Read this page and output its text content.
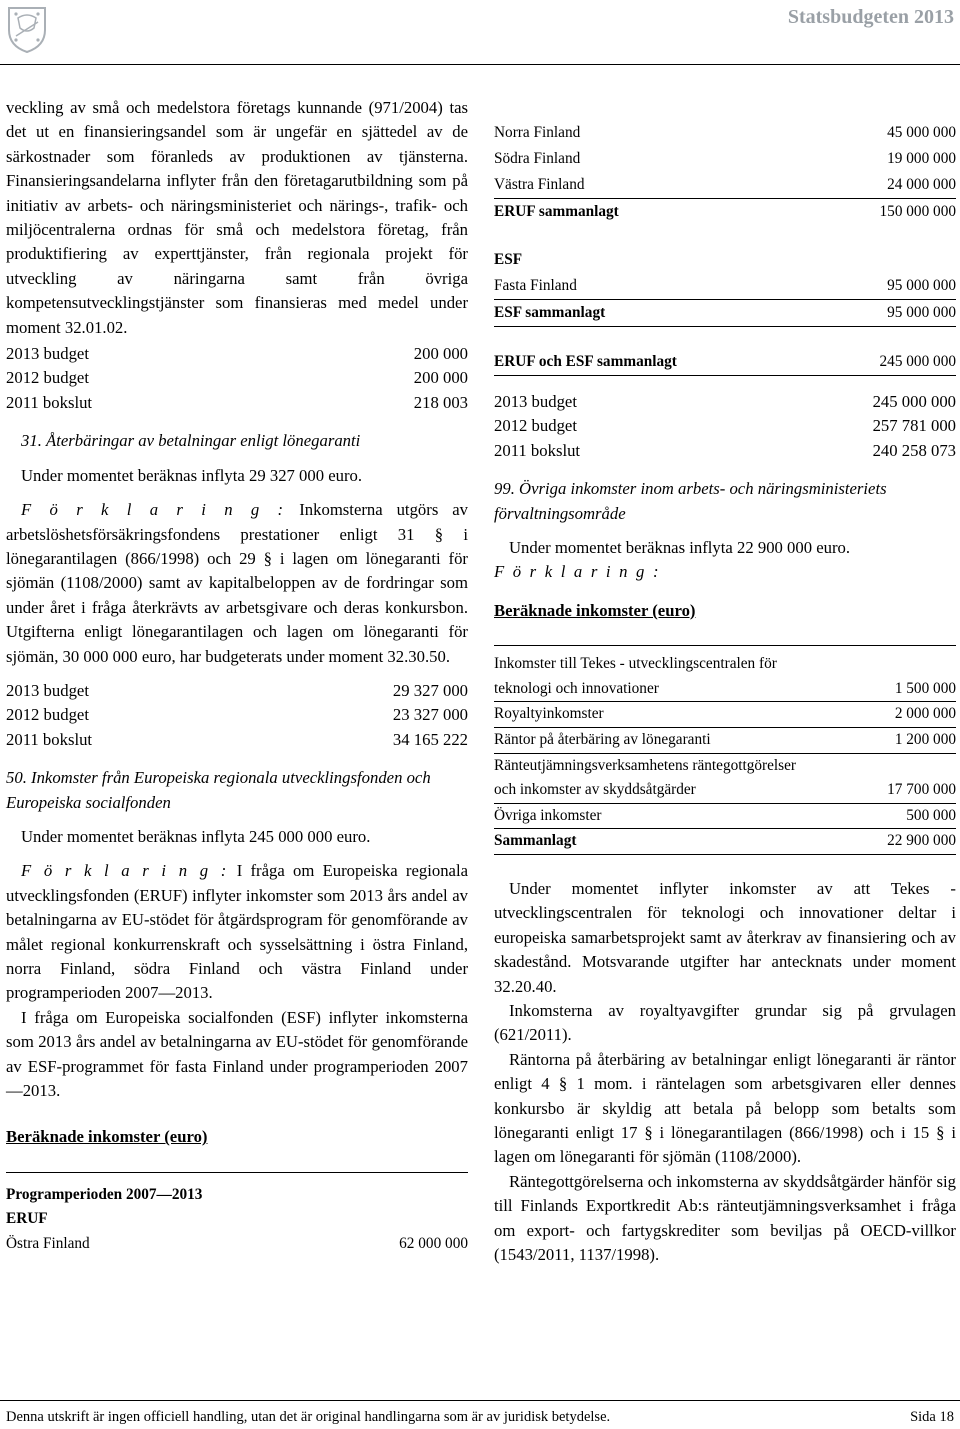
Statsbudgeten 2013

veckling av små och medelstora företags kunnande (971/2004) tas det ut en finansieringsandel som är ungefär en sjättedel av de särkostnader som föranleds av produktionen av tjänsterna. Finansieringsandelarna inflyter från den företagarutbildning som på initiativ av arbets- och näringsministeriet och närings-, trafik- och miljöcentralerna ordnas för små och medelstora företag, från produktifiering av experttjänster, från regionala projekt för utveckling av näringarna samt från övriga kompetensutvecklingstjänster som finansieras med medel under moment 32.01.02.

2013 budget	200 000
2012 budget	200 000
2011 bokslut	218 003

31. Återbäringar av betalningar enligt lönegaranti

Under momentet beräknas inflyta 29 327 000 euro.

F ö r k l a r i n g : Inkomsterna utgörs av arbetslöshetsförsäkringsfondens prestationer enligt 31 § i lönegarantilagen (866/1998) och 29 § i lagen om lönegaranti för sjömän (1108/2000) samt av kapitalbeloppen av de fordringar som under året i fråga återkrävts av arbetsgivare och deras konkursbon. Utgifterna enligt lönegarantilagen och lagen om lönegaranti för sjömän, 30 000 000 euro, har budgeterats under moment 32.30.50.

2013 budget	29 327 000
2012 budget	23 327 000
2011 bokslut	34 165 222

50. Inkomster från Europeiska regionala utvecklingsfonden och Europeiska socialfonden

Under momentet beräknas inflyta 245 000 000 euro.

F ö r k l a r i n g : I fråga om Europeiska regionala utvecklingsfonden (ERUF) inflyter inkomster som 2013 års andel av betalningarna av EU-stödet för åtgärdsprogram för genomförande av målet regional konkurrenskraft och sysselsättning i östra Finland, norra Finland, södra Finland och västra Finland under programperioden 2007—2013.

I fråga om Europeiska socialfonden (ESF) inflyter inkomsterna som 2013 års andel av betalningarna av EU-stödet för genomförande av ESF-programmet för fasta Finland under programperioden 2007—2013.

Beräknade inkomster (euro)

Programperioden 2007—2013

ERUF

Östra Finland	62 000 000
Norra Finland	45 000 000
Södra Finland	19 000 000
Västra Finland	24 000 000
ERUF sammanlagt	150 000 000

ESF

Fasta Finland	95 000 000
ESF sammanlagt	95 000 000
ERUF och ESF sammanlagt	245 000 000
2013 budget	245 000 000
2012 budget	257 781 000
2011 bokslut	240 258 073

99. Övriga inkomster inom arbets- och näringsministeriets förvaltningsområde

Under momentet beräknas inflyta 22 900 000 euro.

F ö r k l a r i n g :

Beräknade inkomster (euro)

Inkomster till Tekes - utvecklingscentralen för

teknologi och innovationer	1 500 000
Royaltyinkomster	2 000 000
Räntor på återbäring av lönegaranti	1 200 000

Ränteutjämningsverksamhetens räntegottgörelser

och inkomster av skyddsåtgärder	17 700 000
Övriga inkomster	500 000
Sammanlagt	22 900 000

Under momentet inflyter inkomster av att Tekes - utvecklingscentralen för teknologi och innovationer deltar i europeiska samarbetsprojekt samt av återkrav av finansiering och av skadestånd. Motsvarande utgifter har antecknats under moment 32.20.40.

Inkomsterna av royaltyavgifter grundar sig på grvulagen (621/2011).

Räntorna på återbäring av betalningar enligt lönegaranti är räntor enligt 4 § 1 mom. i räntelagen som arbetsgivaren eller dennes konkursbo är skyldig att betala på belopp som betalts som lönegaranti enligt 17 § i lönegarantilagen (866/1998) och i 15 § i lagen om lönegaranti för sjömän (1108/2000).

Räntegottgörelserna och inkomsterna av skyddsåtgärder hänför sig till Finlands Exportkredit Ab:s ränteutjämningsverksamhet i fråga om export- och fartygskrediter som beviljas på OECD-villkor (1543/2011, 1137/1998).

Denna utskrift är ingen officiell handling, utan det är original handlingarna som är av juridisk betydelse.	Sida 18
